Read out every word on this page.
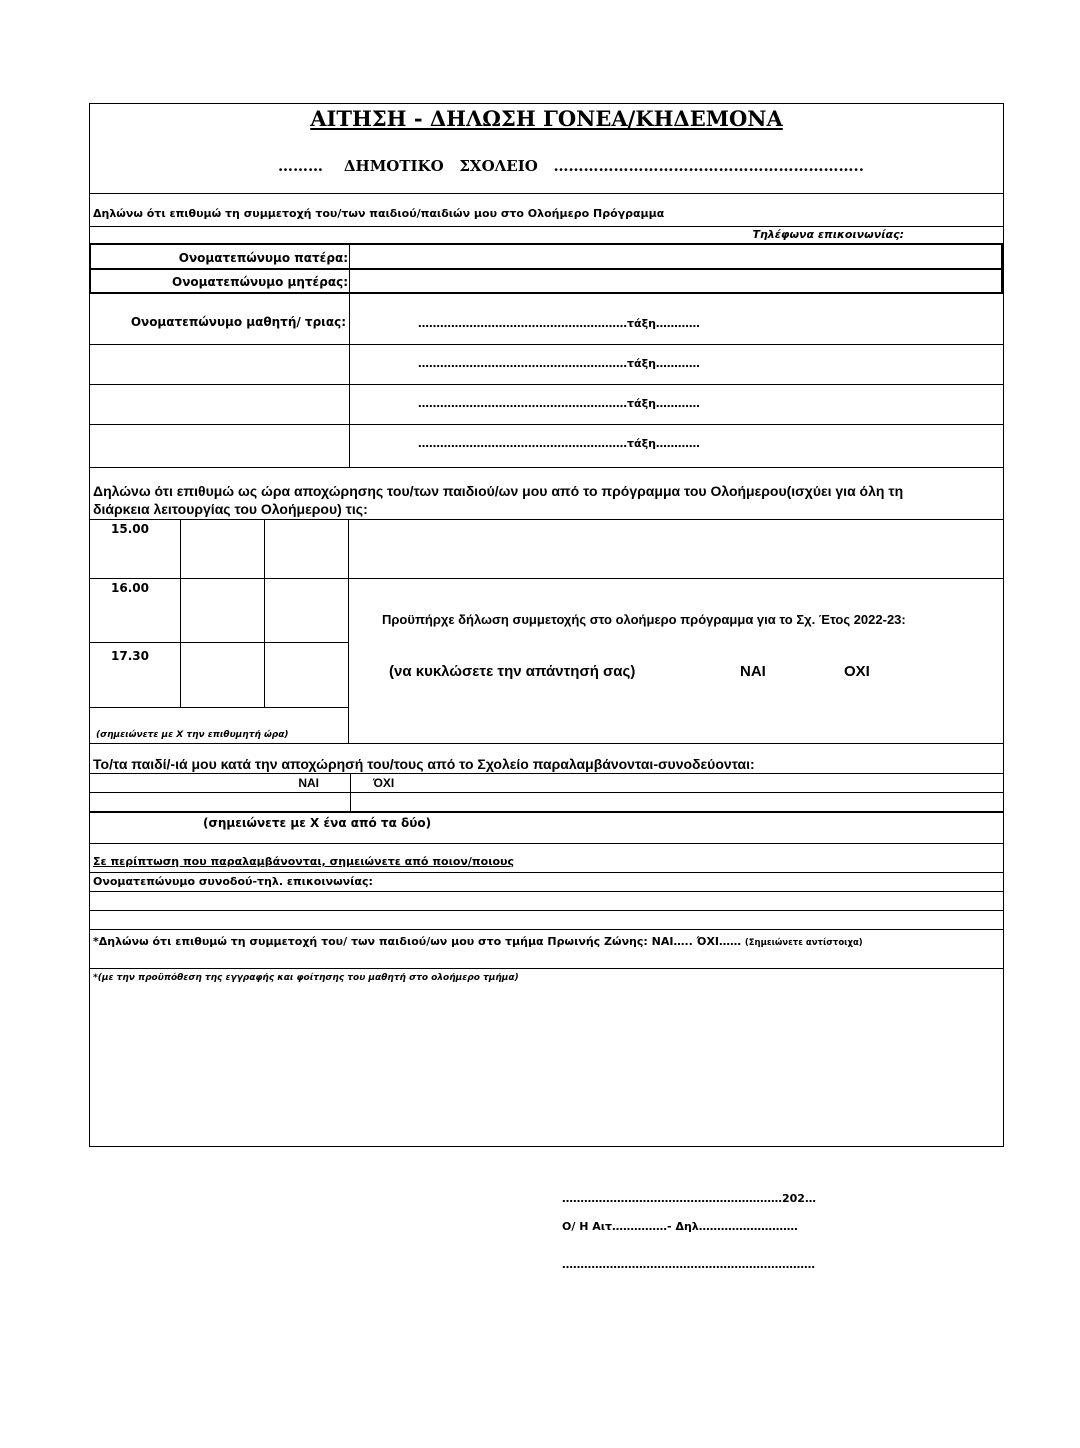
ΑΙΤΗΣΗ - ΔΗΛΩΣΗ ΓΟΝΕΑ/ΚΗΔΕΜΟΝΑ
……… ΔΗΜΟΤΙΚΟ   ΣΧΟΛΕΙΟ ……………………………………………………..
Δηλώνω ότι επιθυμώ τη συμμετοχή του/των παιδιού/παιδιών μου στο Ολοήμερο Πρόγραμμα
Τηλέφωνα επικοινωνίας:
Ονοματεπώνυμο πατέρα:
Ονοματεπώνυμο μητέρας:
Ονοματεπώνυμο μαθητή/ τριας:	…………………………………………………τάξη…………
…………………………………………………τάξη…………
…………………………………………………τάξη…………
…………………………………………………τάξη…………
Δηλώνω ότι επιθυμώ ως ώρα αποχώρησης του/των παιδιού/ων μου από το πρόγραμμα του Ολοήμερου(ισχύει για όλη τη
διάρκεια λειτουργίας του Ολοήμερου) τις:
15.00
16.00
17.30
(σημειώνετε με Χ την επιθυμητή ώρα)
Προϋπήρχε δήλωση συμμετοχής στο ολοήμερο πρόγραμμα για το Σχ. Έτος 2022-23:
(να κυκλώσετε την απάντησή σας)	ΝΑΙ	ΟΧΙ
Το/τα παιδί/-ιά μου κατά την αποχώρησή του/τους από το Σχολείο παραλαμβάνονται-συνοδεύονται:
ΝΑΙ	ΌΧΙ
(σημειώνετε με Χ ένα από τα δύο)
Σε περίπτωση που παραλαμβάνονται, σημειώνετε από ποιον/ποιους
Ονοματεπώνυμο συνοδού-τηλ. επικοινωνίας:
*Δηλώνω ότι επιθυμώ τη συμμετοχή του/ των παιδιού/ων μου στο τμήμα Πρωινής Ζώνης: ΝΑΙ….. ΌΧΙ…… (Σημειώνετε αντίστοιχα)
*(με την προϋπόθεση της εγγραφής και φοίτησης του μαθητή στο ολοήμερο τμήμα)
……………………………………………………202…
Ο/ Η Αιτ……………- Δηλ………………………
……………………………………………………………
